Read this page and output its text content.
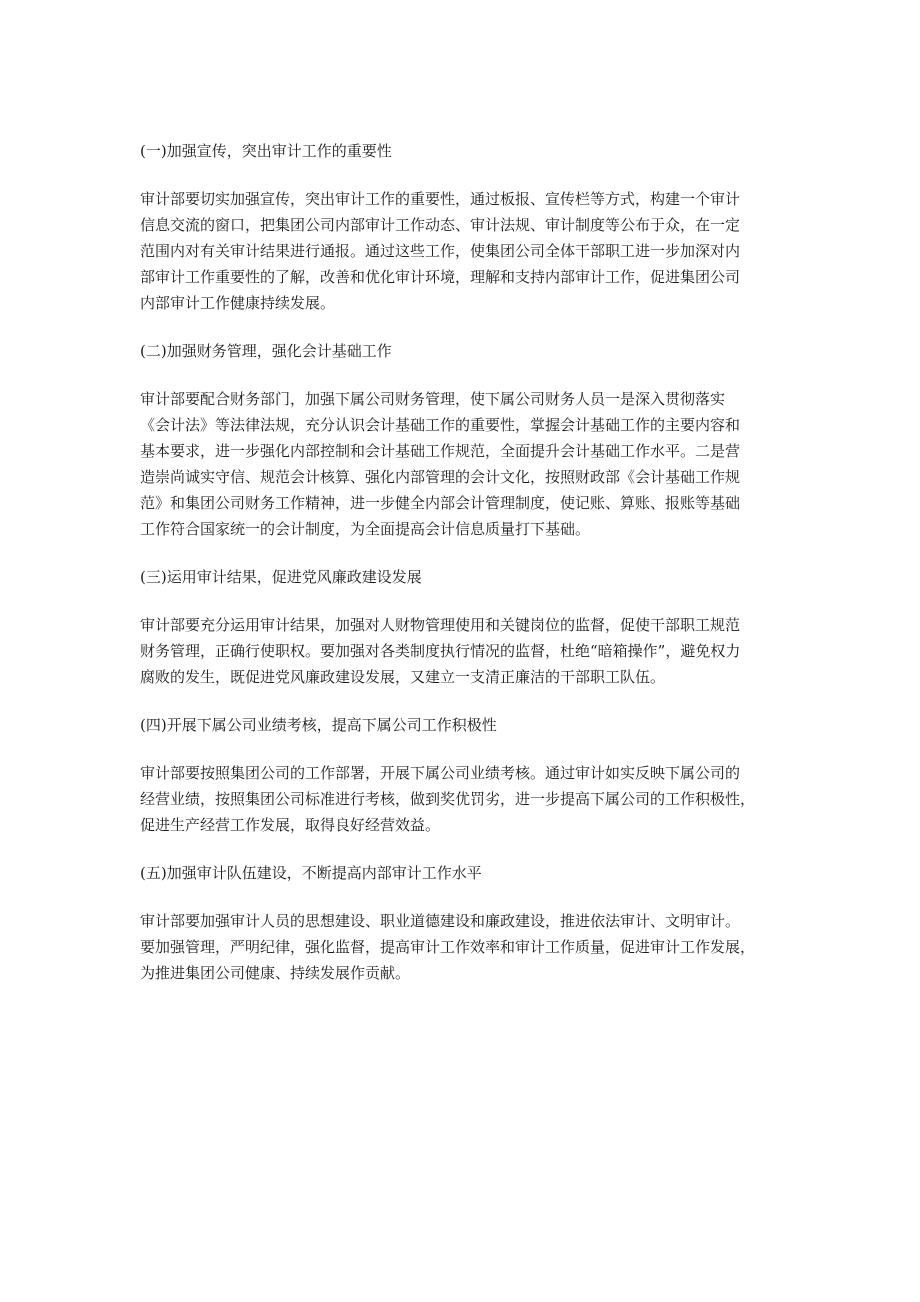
(一)加强宣传，突出审计工作的重要性
审计部要切实加强宣传，突出审计工作的重要性，通过板报、宣传栏等方式，构建一个审计
信息交流的窗口，把集团公司内部审计工作动态、审计法规、审计制度等公布于众，在一定
范围内对有关审计结果进行通报。通过这些工作，使集团公司全体干部职工进一步加深对内
部审计工作重要性的了解，改善和优化审计环境，理解和支持内部审计工作，促进集团公司
内部审计工作健康持续发展。
(二)加强财务管理，强化会计基础工作
审计部要配合财务部门，加强下属公司财务管理，使下属公司财务人员一是深入贯彻落实
《会计法》等法律法规，充分认识会计基础工作的重要性，掌握会计基础工作的主要内容和
基本要求，进一步强化内部控制和会计基础工作规范，全面提升会计基础工作水平。二是营
造崇尚诚实守信、规范会计核算、强化内部管理的会计文化，按照财政部《会计基础工作规
范》和集团公司财务工作精神，进一步健全内部会计管理制度，使记账、算账、报账等基础
工作符合国家统一的会计制度，为全面提高会计信息质量打下基础。
(三)运用审计结果，促进党风廉政建设发展
审计部要充分运用审计结果，加强对人财物管理使用和关键岗位的监督，促使干部职工规范
财务管理，正确行使职权。要加强对各类制度执行情况的监督，杜绝“暗箱操作”，避免权力
腐败的发生，既促进党风廉政建设发展，又建立一支清正廉洁的干部职工队伍。
(四)开展下属公司业绩考核，提高下属公司工作积极性
审计部要按照集团公司的工作部署，开展下属公司业绩考核。通过审计如实反映下属公司的
经营业绩，按照集团公司标准进行考核，做到奖优罚劣，进一步提高下属公司的工作积极性，
促进生产经营工作发展，取得良好经营效益。
(五)加强审计队伍建设，不断提高内部审计工作水平
审计部要加强审计人员的思想建设、职业道德建设和廉政建设，推进依法审计、文明审计。
要加强管理，严明纪律，强化监督，提高审计工作效率和审计工作质量，促进审计工作发展，
为推进集团公司健康、持续发展作贡献。
